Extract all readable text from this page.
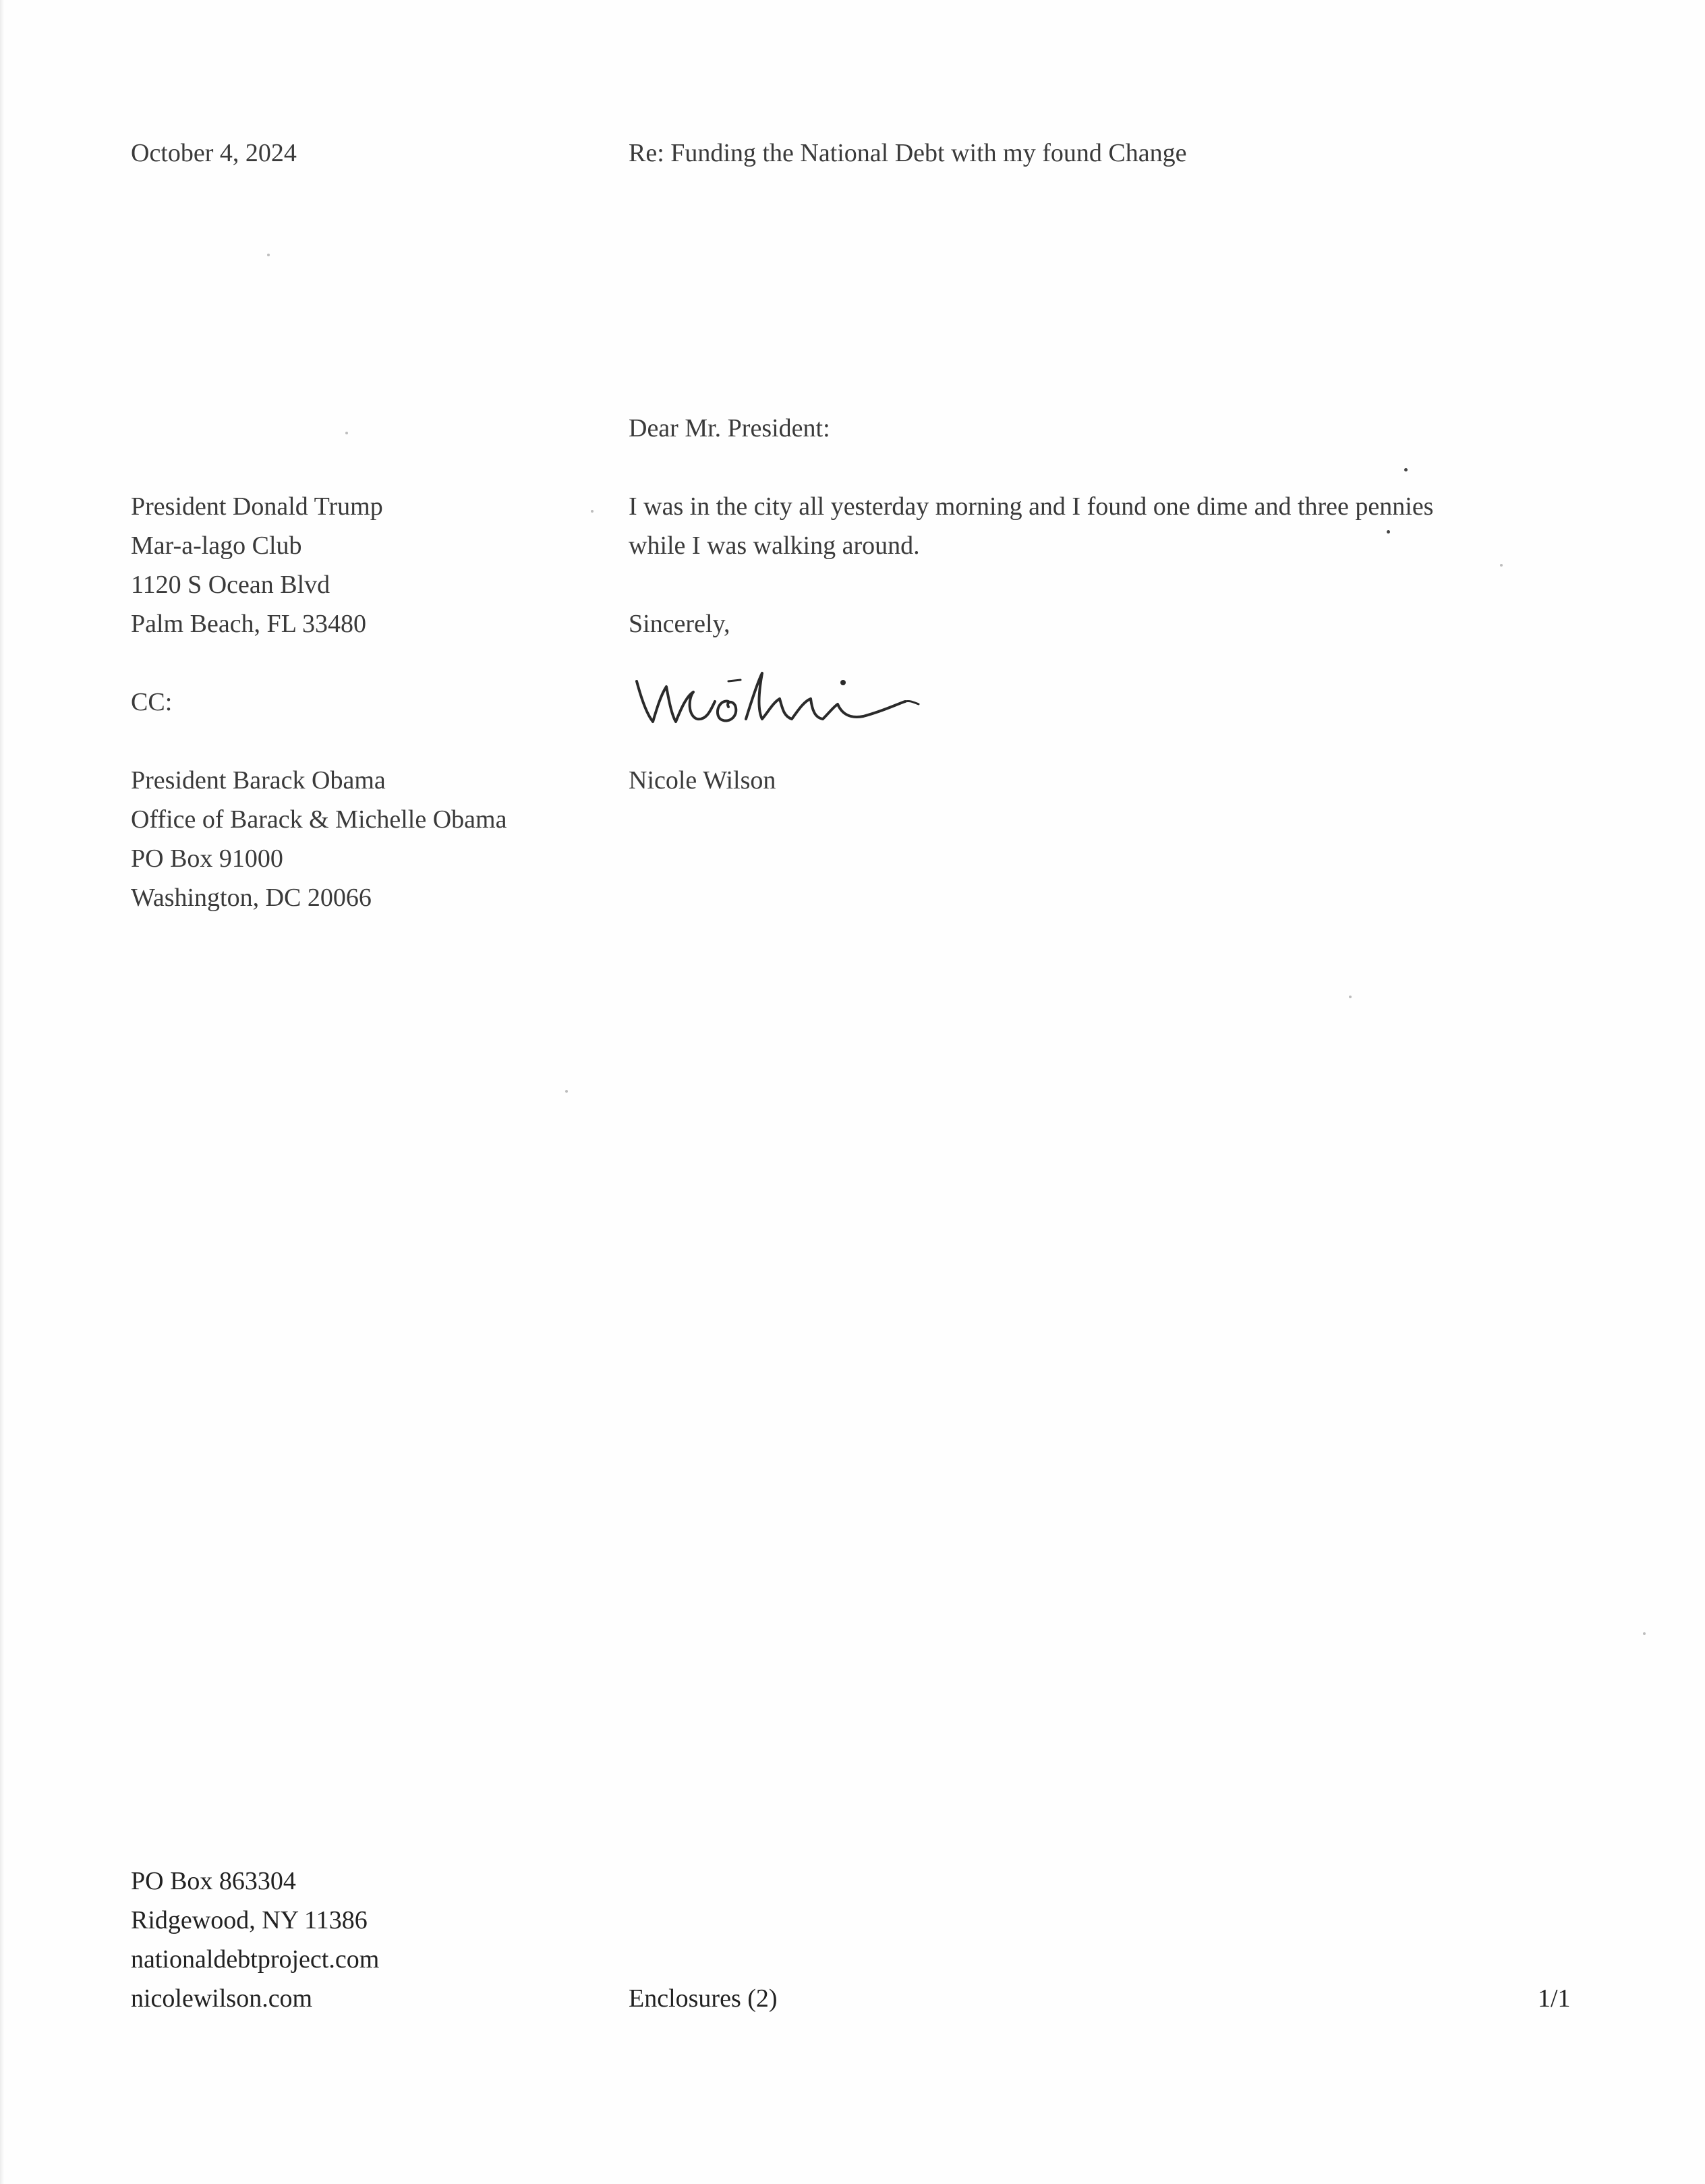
October 4, 2024	Re: Funding the National Debt with my found Change
Dear Mr. President:
President Donald Trump
Mar-a-lago Club
1120 S Ocean Blvd
Palm Beach, FL 33480
I was in the city all yesterday morning and I found one dime and three pennies
while I was walking around.
Sincerely,
CC:
Nicole Wilson
President Barack Obama
Office of Barack & Michelle Obama
PO Box 91000
Washington, DC 20066
PO Box 863304
Ridgewood, NY 11386
nationaldebtproject.com
nicolewilson.com	Enclosures (2)	1/1
